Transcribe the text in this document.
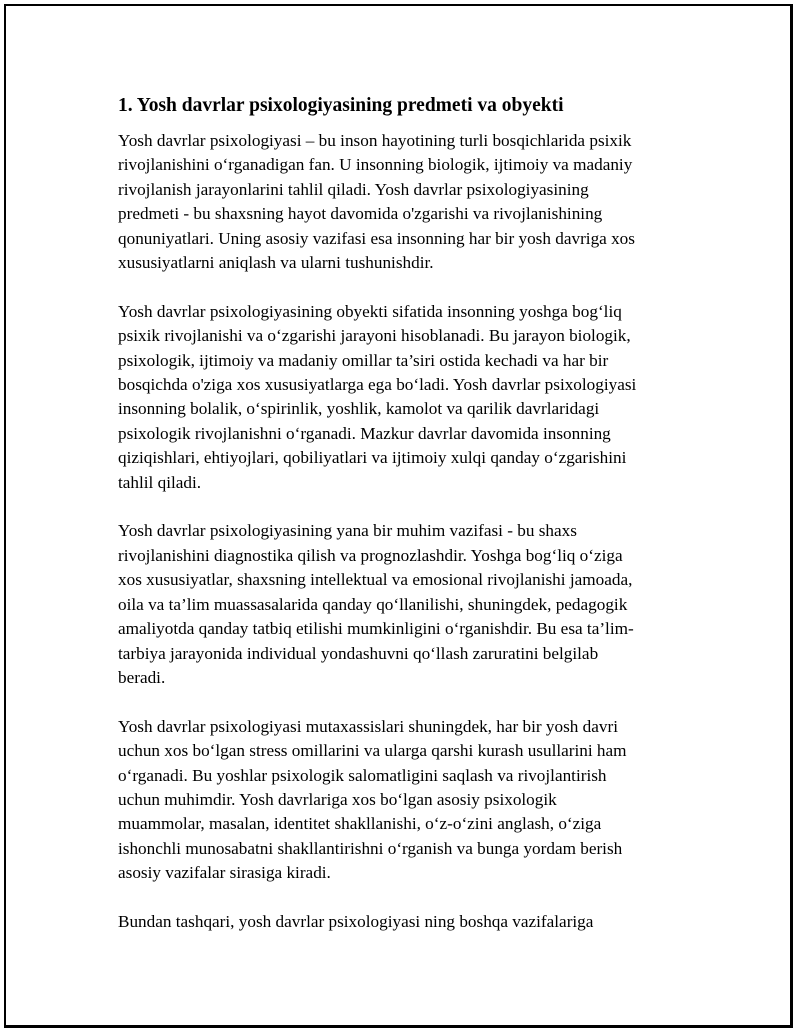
1. Yosh davrlar psixologiyasining predmeti va obyekti
Yosh davrlar psixologiyasi – bu inson hayotining turli bosqichlarida psixik
rivojlanishini o‘rganadigan fan. U insonning biologik, ijtimoiy va madaniy
rivojlanish jarayonlarini tahlil qiladi. Yosh davrlar psixologiyasining
predmeti - bu shaxsning hayot davomida o'zgarishi va rivojlanishining
qonuniyatlari. Uning asosiy vazifasi esa insonning har bir yosh davriga xos
xususiyatlarni aniqlash va ularni tushunishdir.
Yosh davrlar psixologiyasining obyekti sifatida insonning yoshga bog‘liq
psixik rivojlanishi va o‘zgarishi jarayoni hisoblanadi. Bu jarayon biologik,
psixologik, ijtimoiy va madaniy omillar ta’siri ostida kechadi va har bir
bosqichda o'ziga xos xususiyatlarga ega bo‘ladi. Yosh davrlar psixologiyasi
insonning bolalik, o‘spirinlik, yoshlik, kamolot va qarilik davrlaridagi
psixologik rivojlanishni o‘rganadi. Mazkur davrlar davomida insonning
qiziqishlari, ehtiyojlari, qobiliyatlari va ijtimoiy xulqi qanday o‘zgarishini
tahlil qiladi.
Yosh davrlar psixologiyasining yana bir muhim vazifasi - bu shaxs
rivojlanishini diagnostika qilish va prognozlashdir. Yoshga bog‘liq o‘ziga
xos xususiyatlar, shaxsning intellektual va emosional rivojlanishi jamoada,
oila va ta’lim muassasalarida qanday qo‘llanilishi, shuningdek, pedagogik
amaliyotda qanday tatbiq etilishi mumkinligini o‘rganishdir. Bu esa ta’lim-
tarbiya jarayonida individual yondashuvni qo‘llash zaruratini belgilab
beradi.
Yosh davrlar psixologiyasi mutaxassislari shuningdek, har bir yosh davri
uchun xos bo‘lgan stress omillarini va ularga qarshi kurash usullarini ham
o‘rganadi. Bu yoshlar psixologik salomatligini saqlash va rivojlantirish
uchun muhimdir. Yosh davrlariga xos bo‘lgan asosiy psixologik
muammolar, masalan, identitet shakllanishi, o‘z-o‘zini anglash, o‘ziga
ishonchli munosabatni shakllantirishni o‘rganish va bunga yordam berish
asosiy vazifalar sirasiga kiradi.
Bundan tashqari, yosh davrlar psixologiyasi ning boshqa vazifalariga
